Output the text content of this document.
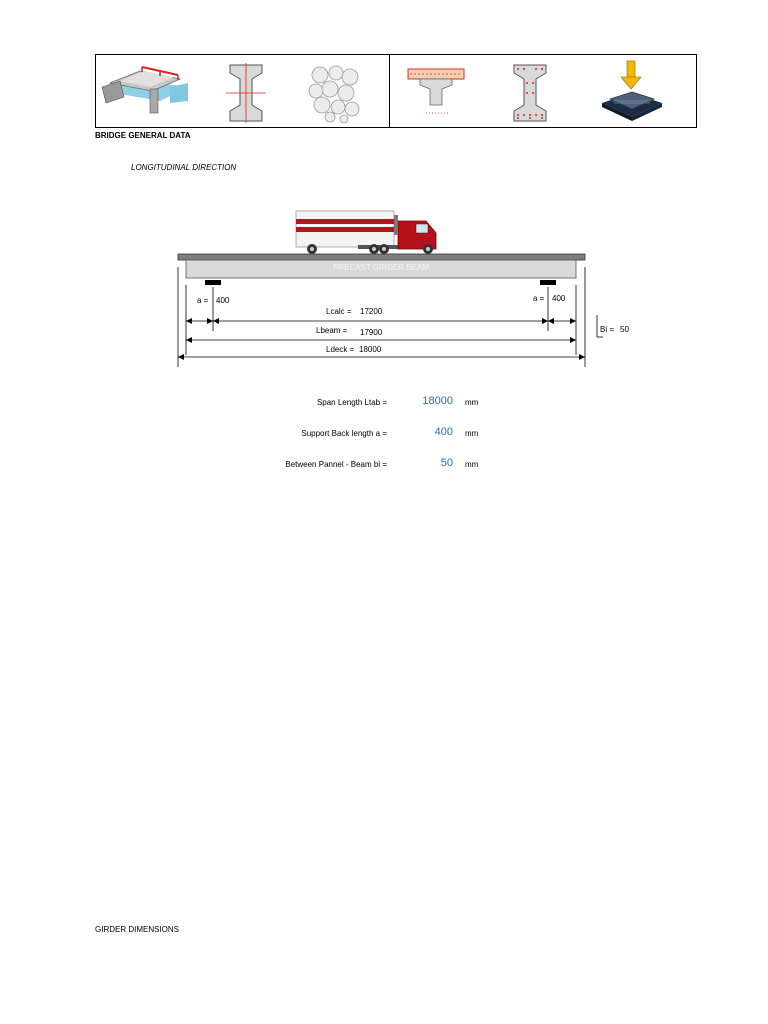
BRIDGE GENERAL DATA
LONGITUDINAL DIRECTION
PRECAST GIRDER BEAM
a = 400	a = 400
Lcalc = 17200
Lbeam = 17900
Ldeck = 18000
Bi = 50
Span Length Ltab =	18000 mm
Support Back length a =	400 mm
Between Pannel - Beam bi =	50 mm
GIRDER DIMENSIONS
